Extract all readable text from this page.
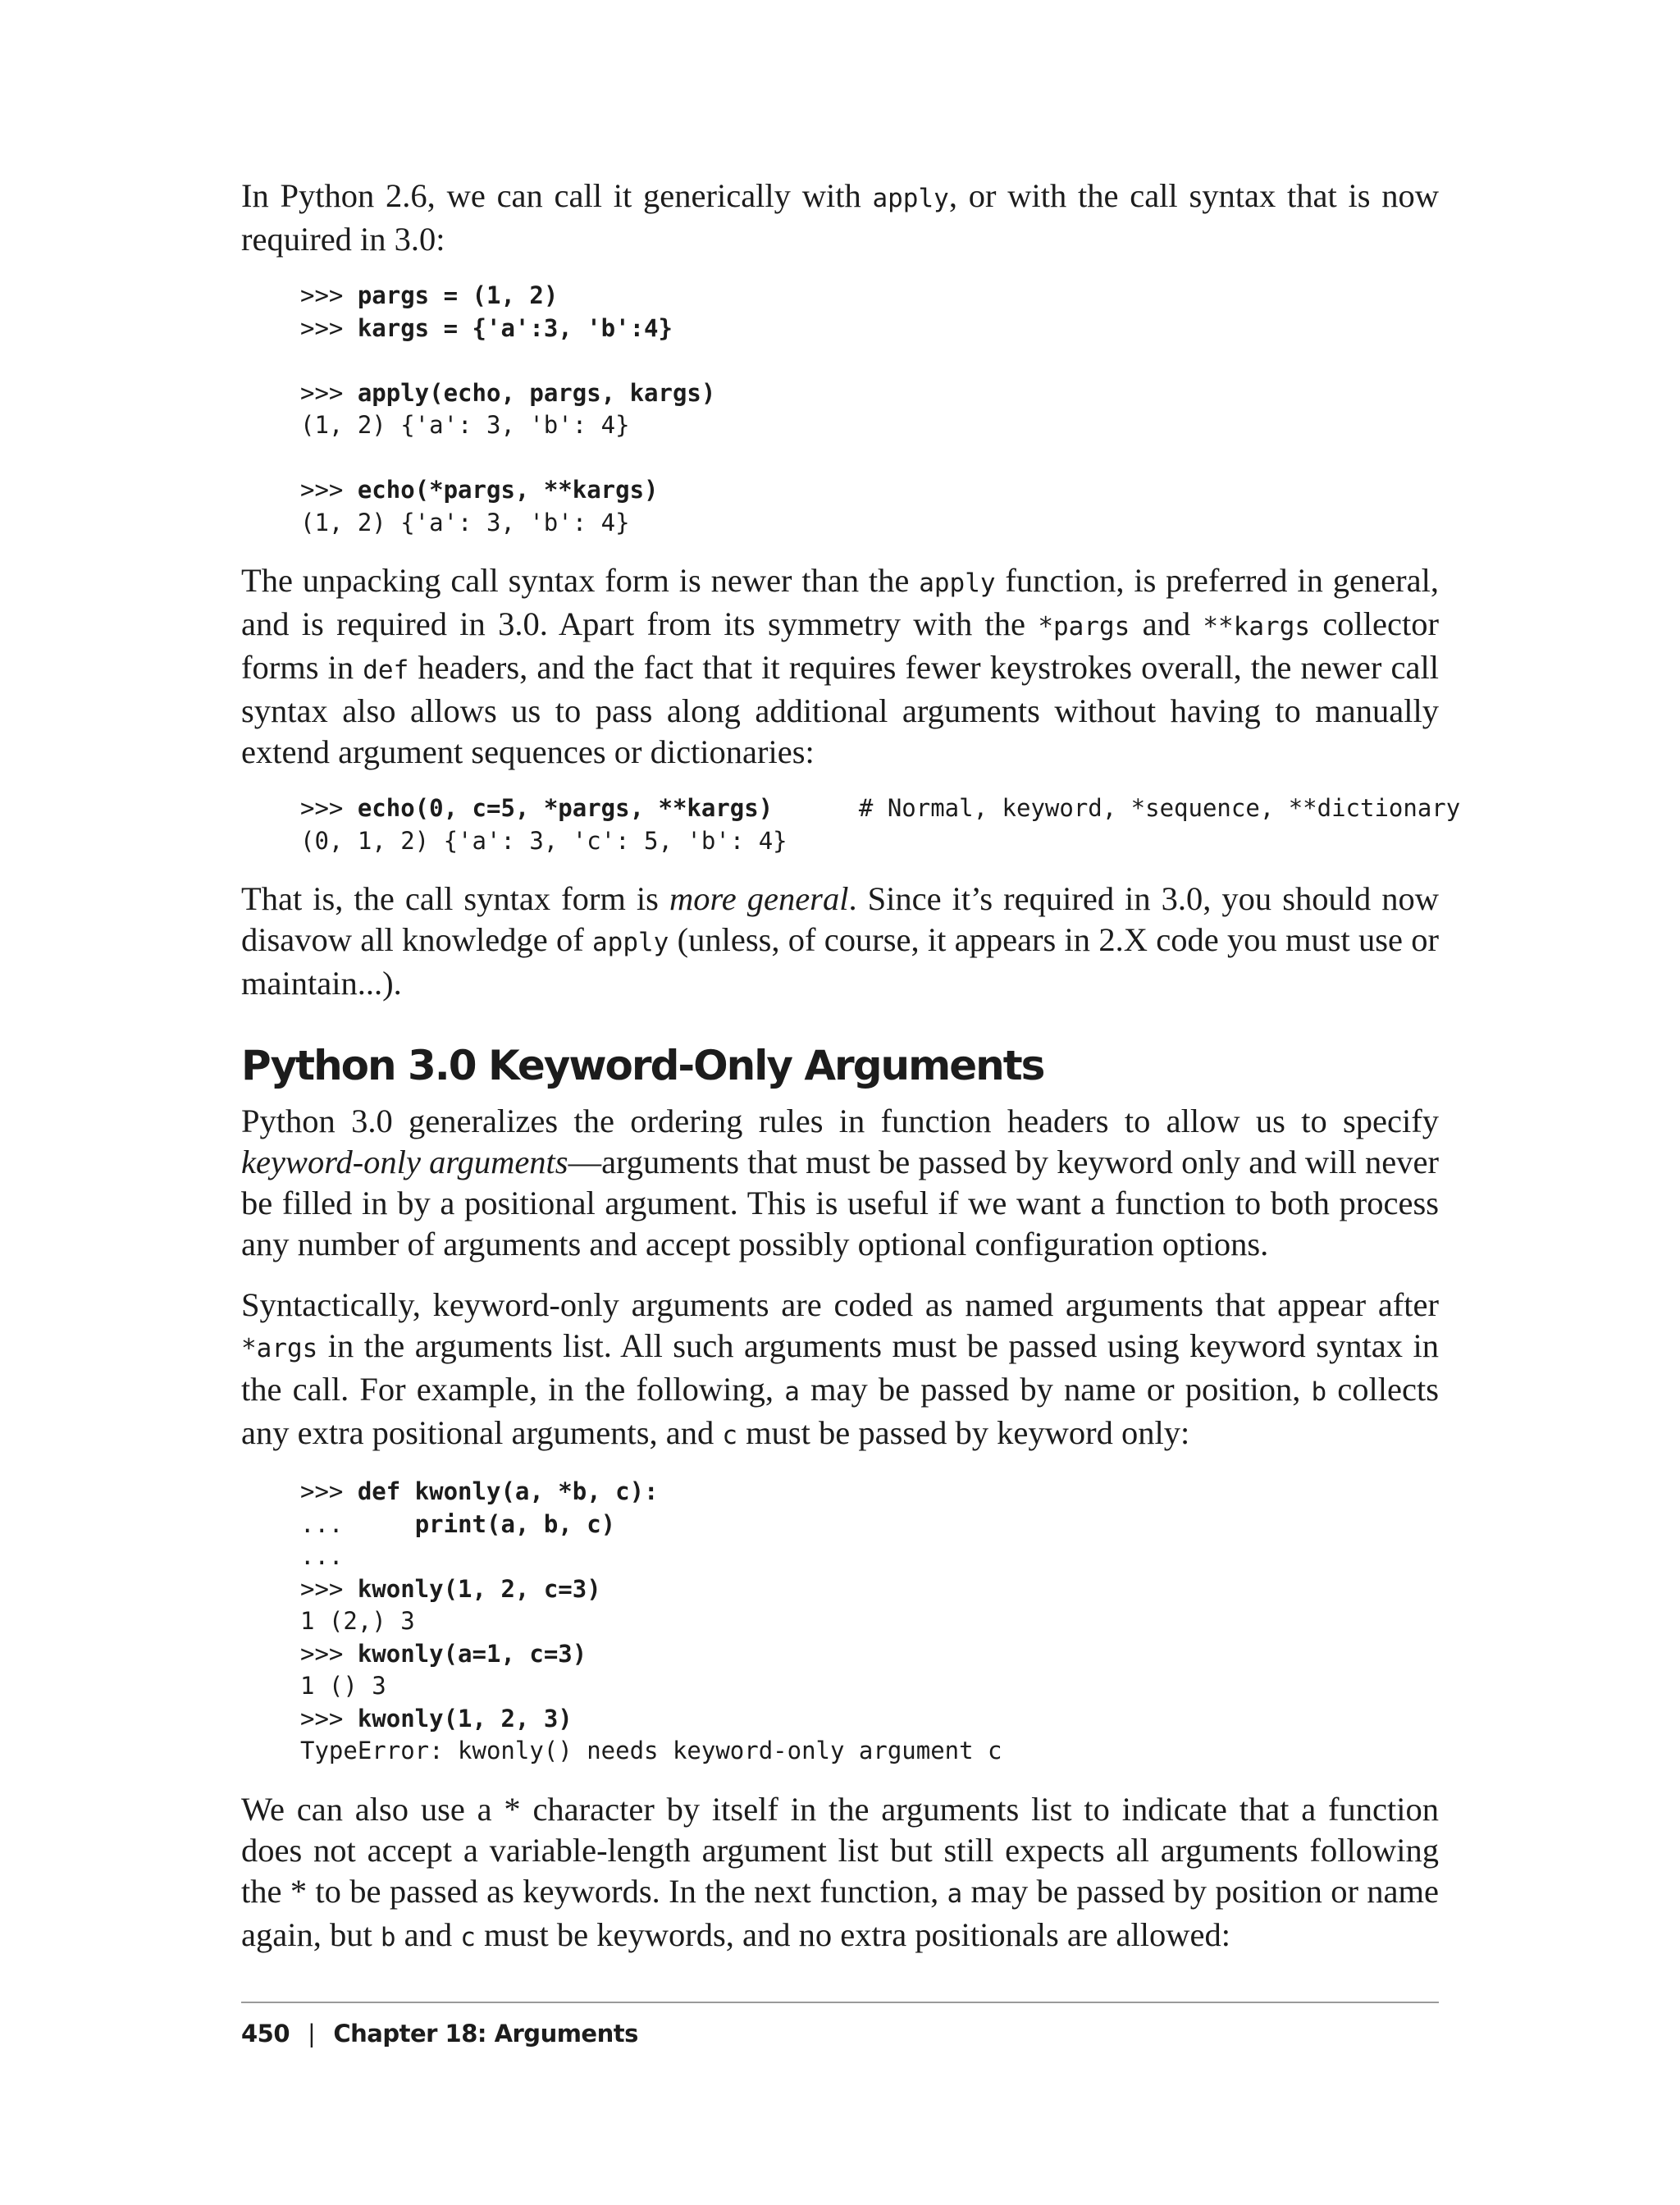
In Python 2.6, we can call it generically with apply, or with the call syntax that is now required in 3.0:

>>> pargs = (1, 2)
>>> kargs = {'a':3, 'b':4}
>>> apply(echo, pargs, kargs)
(1, 2) {'a': 3, 'b': 4}
>>> echo(*pargs, **kargs)
(1, 2) {'a': 3, 'b': 4}

The unpacking call syntax form is newer than the apply function, is preferred in general, and is required in 3.0. Apart from its symmetry with the *pargs and **kargs collector forms in def headers, and the fact that it requires fewer keystrokes overall, the newer call syntax also allows us to pass along additional arguments without having to manually extend argument sequences or dictionaries:

>>> echo(0, c=5, *pargs, **kargs)      # Normal, keyword, *sequence, **dictionary
(0, 1, 2) {'a': 3, 'c': 5, 'b': 4}

That is, the call syntax form is more general. Since it’s required in 3.0, you should now disavow all knowledge of apply (unless, of course, it appears in 2.X code you must use or maintain...).

Python 3.0 Keyword-Only Arguments

Python 3.0 generalizes the ordering rules in function headers to allow us to specify keyword-only arguments—arguments that must be passed by keyword only and will never be filled in by a positional argument. This is useful if we want a function to both process any number of arguments and accept possibly optional configuration options.

Syntactically, keyword-only arguments are coded as named arguments that appear after *args in the arguments list. All such arguments must be passed using keyword syntax in the call. For example, in the following, a may be passed by name or position, b collects any extra positional arguments, and c must be passed by keyword only:

>>> def kwonly(a, *b, c):
...     print(a, b, c)
...
>>> kwonly(1, 2, c=3)
1 (2,) 3
>>> kwonly(a=1, c=3)
1 () 3
>>> kwonly(1, 2, 3)
TypeError: kwonly() needs keyword-only argument c

We can also use a * character by itself in the arguments list to indicate that a function does not accept a variable-length argument list but still expects all arguments following the * to be passed as keywords. In the next function, a may be passed by position or name again, but b and c must be keywords, and no extra positionals are allowed:

450 | Chapter 18: Arguments
